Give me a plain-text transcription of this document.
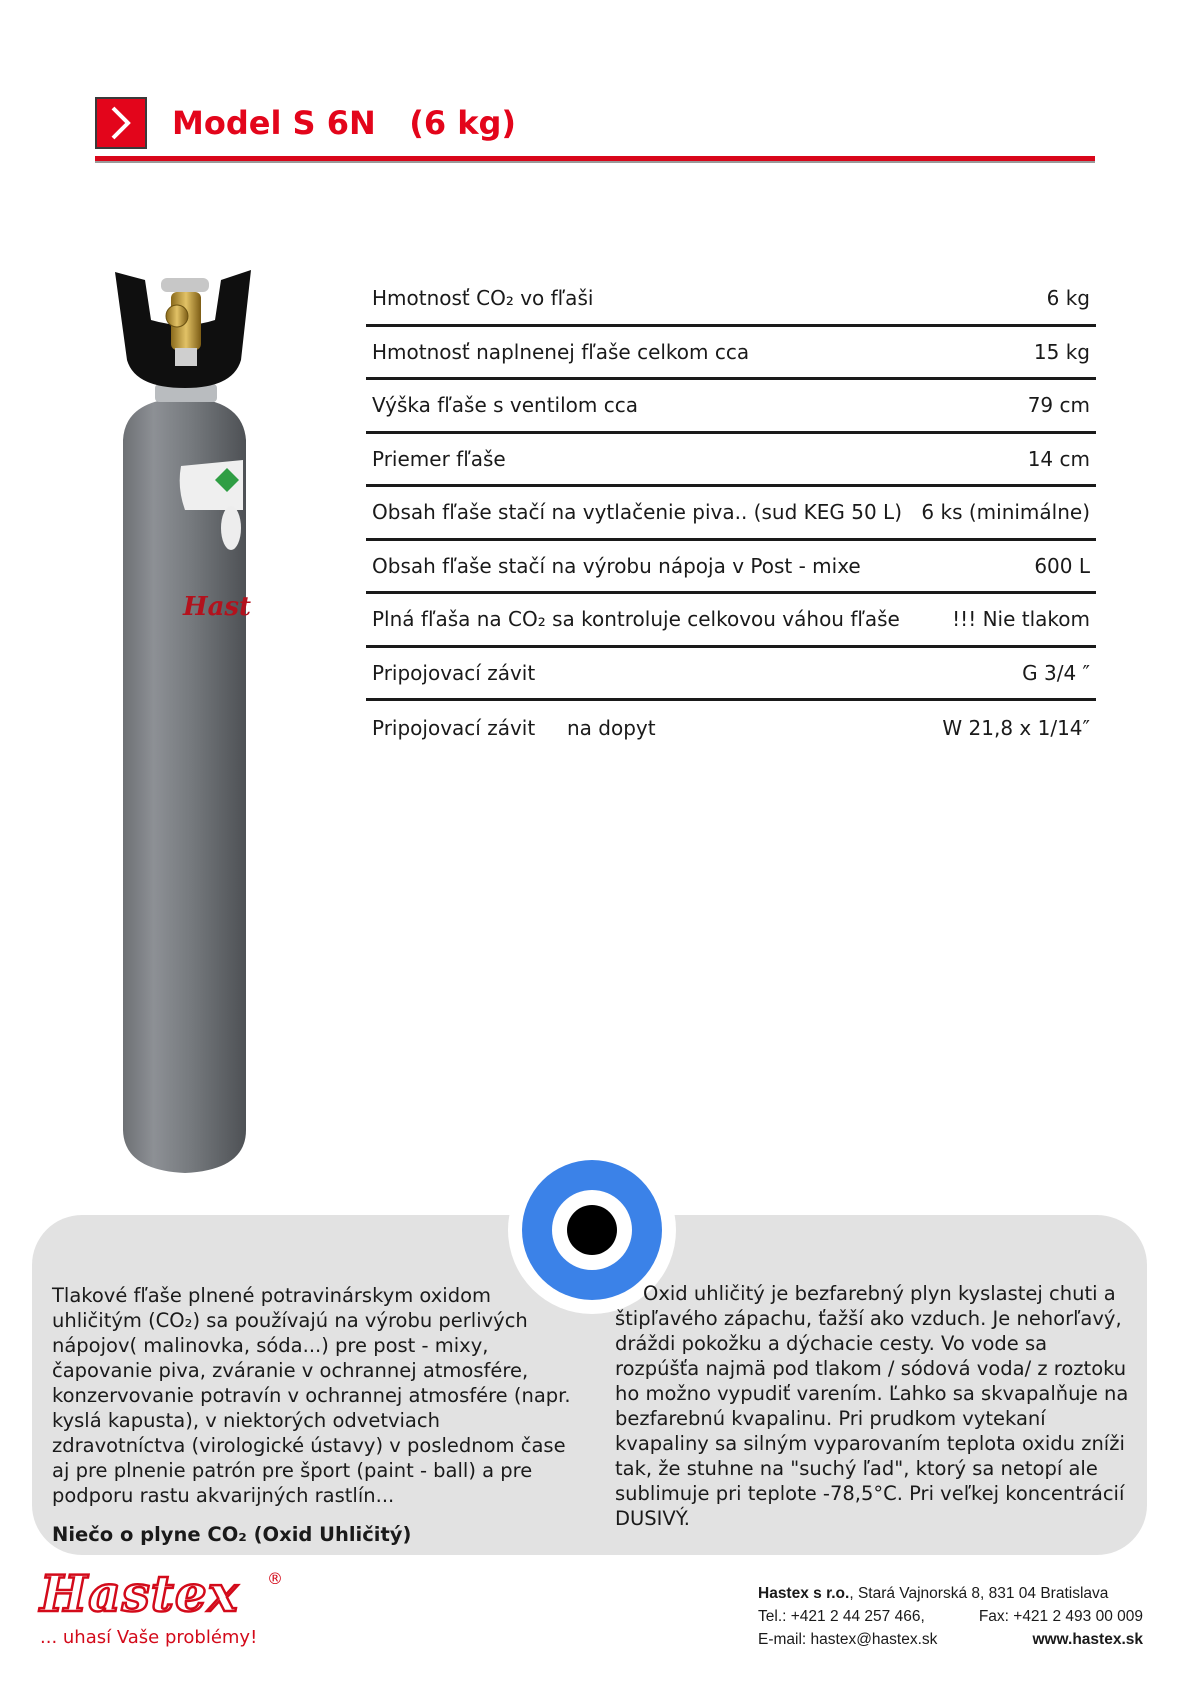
Model S 6N   (6 kg)
Hast
Hmotnosť CO₂ vo fľaši	6 kg
Hmotnosť naplnenej fľaše celkom cca	15 kg
Výška fľaše s ventilom cca	79 cm
Priemer fľaše	14 cm
Obsah fľaše stačí na vytlačenie piva.. (sud KEG 50 L) 6 ks (minimálne)
Obsah fľaše stačí na výrobu nápoja v Post - mixe	600 L
Plná fľaša na CO₂ sa kontroluje celkovou váhou fľaše	!!! Nie tlakom
Pripojovací závit	G 3/4 ″
Pripojovací závit     na dopyt	W 21,8 x 1/14″

Tlakové fľaše plnené potravinárskym oxidom uhličitým (CO₂) sa používajú na výrobu perlivých nápojov( malinovka, sóda...) pre post - mixy, čapovanie piva, zváranie v ochrannej atmosfére, konzervovanie potravín v ochrannej atmosfére (napr. kyslá kapusta), v niektorých odvetviach zdravotníctva (virologické ústavy) v poslednom čase aj pre plnenie patrón pre šport (paint - ball) a pre podporu rastu akvarijných rastlín...

Niečo o plyne CO₂ (Oxid Uhličitý)

Oxid uhličitý je bezfarebný plyn kyslastej chuti a štipľavého zápachu, ťažší ako vzduch. Je nehorľavý, dráždi pokožku a dýchacie cesty. Vo vode sa rozpúšťa najmä pod tlakom / sódová voda/ z roztoku ho možno vypudiť varením. Ľahko sa skvapalňuje na bezfarebnú kvapalinu. Pri prudkom vytekaní kvapaliny sa silným vyparovaním teplota oxidu zníži tak, že stuhne na "suchý ľad", ktorý sa netopí ale sublimuje pri teplote -78,5°C. Pri veľkej koncentrácií DUSIVÝ.

Hastex ®
... uhasí Vaše problémy!
Hastex s r.o. , Stará Vajnorská 8, 831 04 Bratislava
Tel.: +421 2 44 257 466,	Fax: +421 2 493 00 009
E-mail: hastex@hastex.sk	www.hastex.sk
